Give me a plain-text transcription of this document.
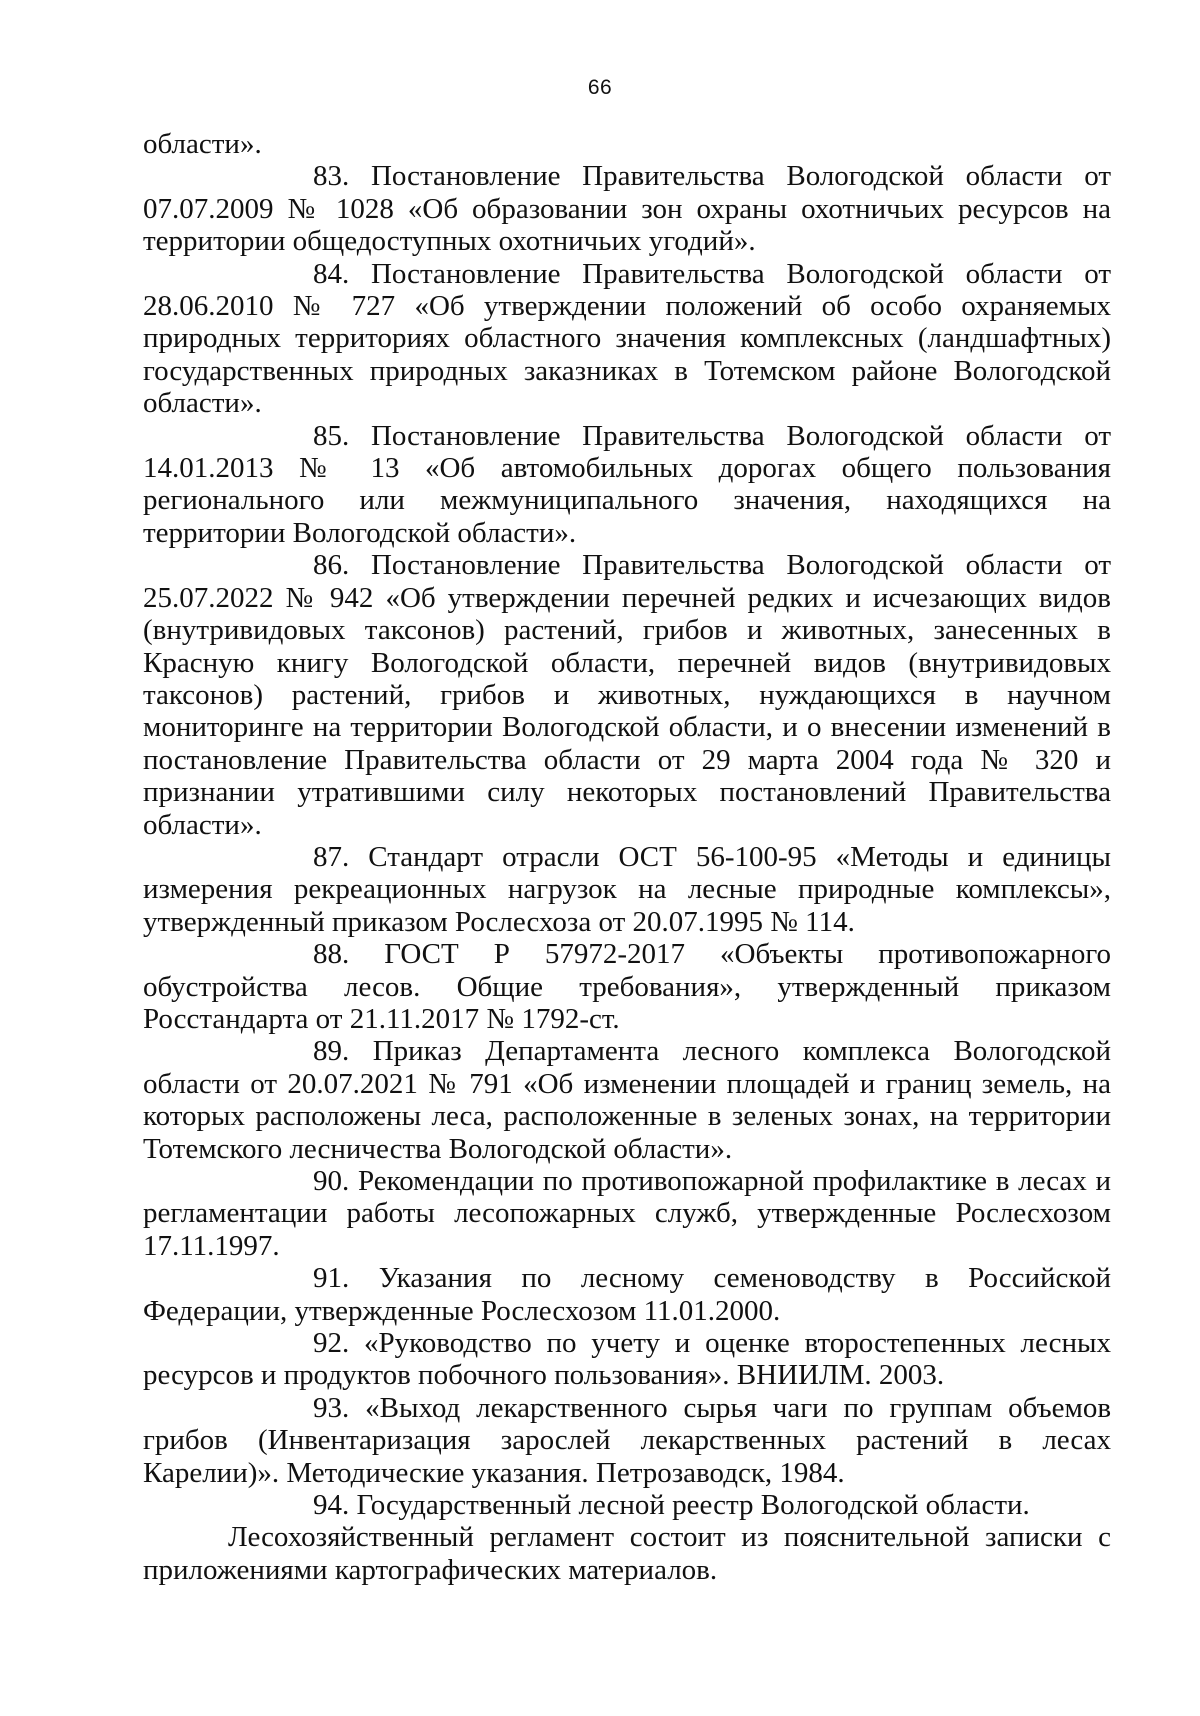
66

области».

83. Постановление Правительства Вологодской области от 07.07.2009 № 1028 «Об образовании зон охраны охотничьих ресурсов на территории общедоступных охотничьих угодий».

84. Постановление Правительства Вологодской области от 28.06.2010 № 727 «Об утверждении положений об особо охраняемых природных территориях областного значения комплексных (ландшафтных) государственных природных заказниках в Тотемском районе Вологодской области».

85. Постановление Правительства Вологодской области от 14.01.2013 № 13 «Об автомобильных дорогах общего пользования регионального или межмуниципального значения, находящихся на территории Вологодской области».

86. Постановление Правительства Вологодской области от 25.07.2022 № 942 «Об утверждении перечней редких и исчезающих видов (внутривидовых таксонов) растений, грибов и животных, занесенных в Красную книгу Вологодской области, перечней видов (внутривидовых таксонов) растений, грибов и животных, нуждающихся в научном мониторинге на территории Вологодской области, и о внесении изменений в постановление Правительства области от 29 марта 2004 года № 320 и признании утратившими силу некоторых постановлений Правительства области».

87. Стандарт отрасли ОСТ 56-100-95 «Методы и единицы измерения рекреационных нагрузок на лесные природные комплексы», утвержденный приказом Рослесхоза от 20.07.1995 № 114.

88. ГОСТ Р 57972-2017 «Объекты противопожарного обустройства лесов. Общие требования», утвержденный приказом Росстандарта от 21.11.2017 № 1792-ст.

89. Приказ Департамента лесного комплекса Вологодской области от 20.07.2021 № 791 «Об изменении площадей и границ земель, на которых расположены леса, расположенные в зеленых зонах, на территории Тотемского лесничества Вологодской области».

90. Рекомендации по противопожарной профилактике в лесах и регламентации работы лесопожарных служб, утвержденные Рослесхозом 17.11.1997.

91. Указания по лесному семеноводству в Российской Федерации, утвержденные Рослесхозом 11.01.2000.

92. «Руководство по учету и оценке второстепенных лесных ресурсов и продуктов побочного пользования». ВНИИЛМ. 2003.

93. «Выход лекарственного сырья чаги по группам объемов грибов (Инвентаризация зарослей лекарственных растений в лесах Карелии)». Методические указания. Петрозаводск, 1984.

94. Государственный лесной реестр Вологодской области.

Лесохозяйственный регламент состоит из пояснительной записки с приложениями картографических материалов.
